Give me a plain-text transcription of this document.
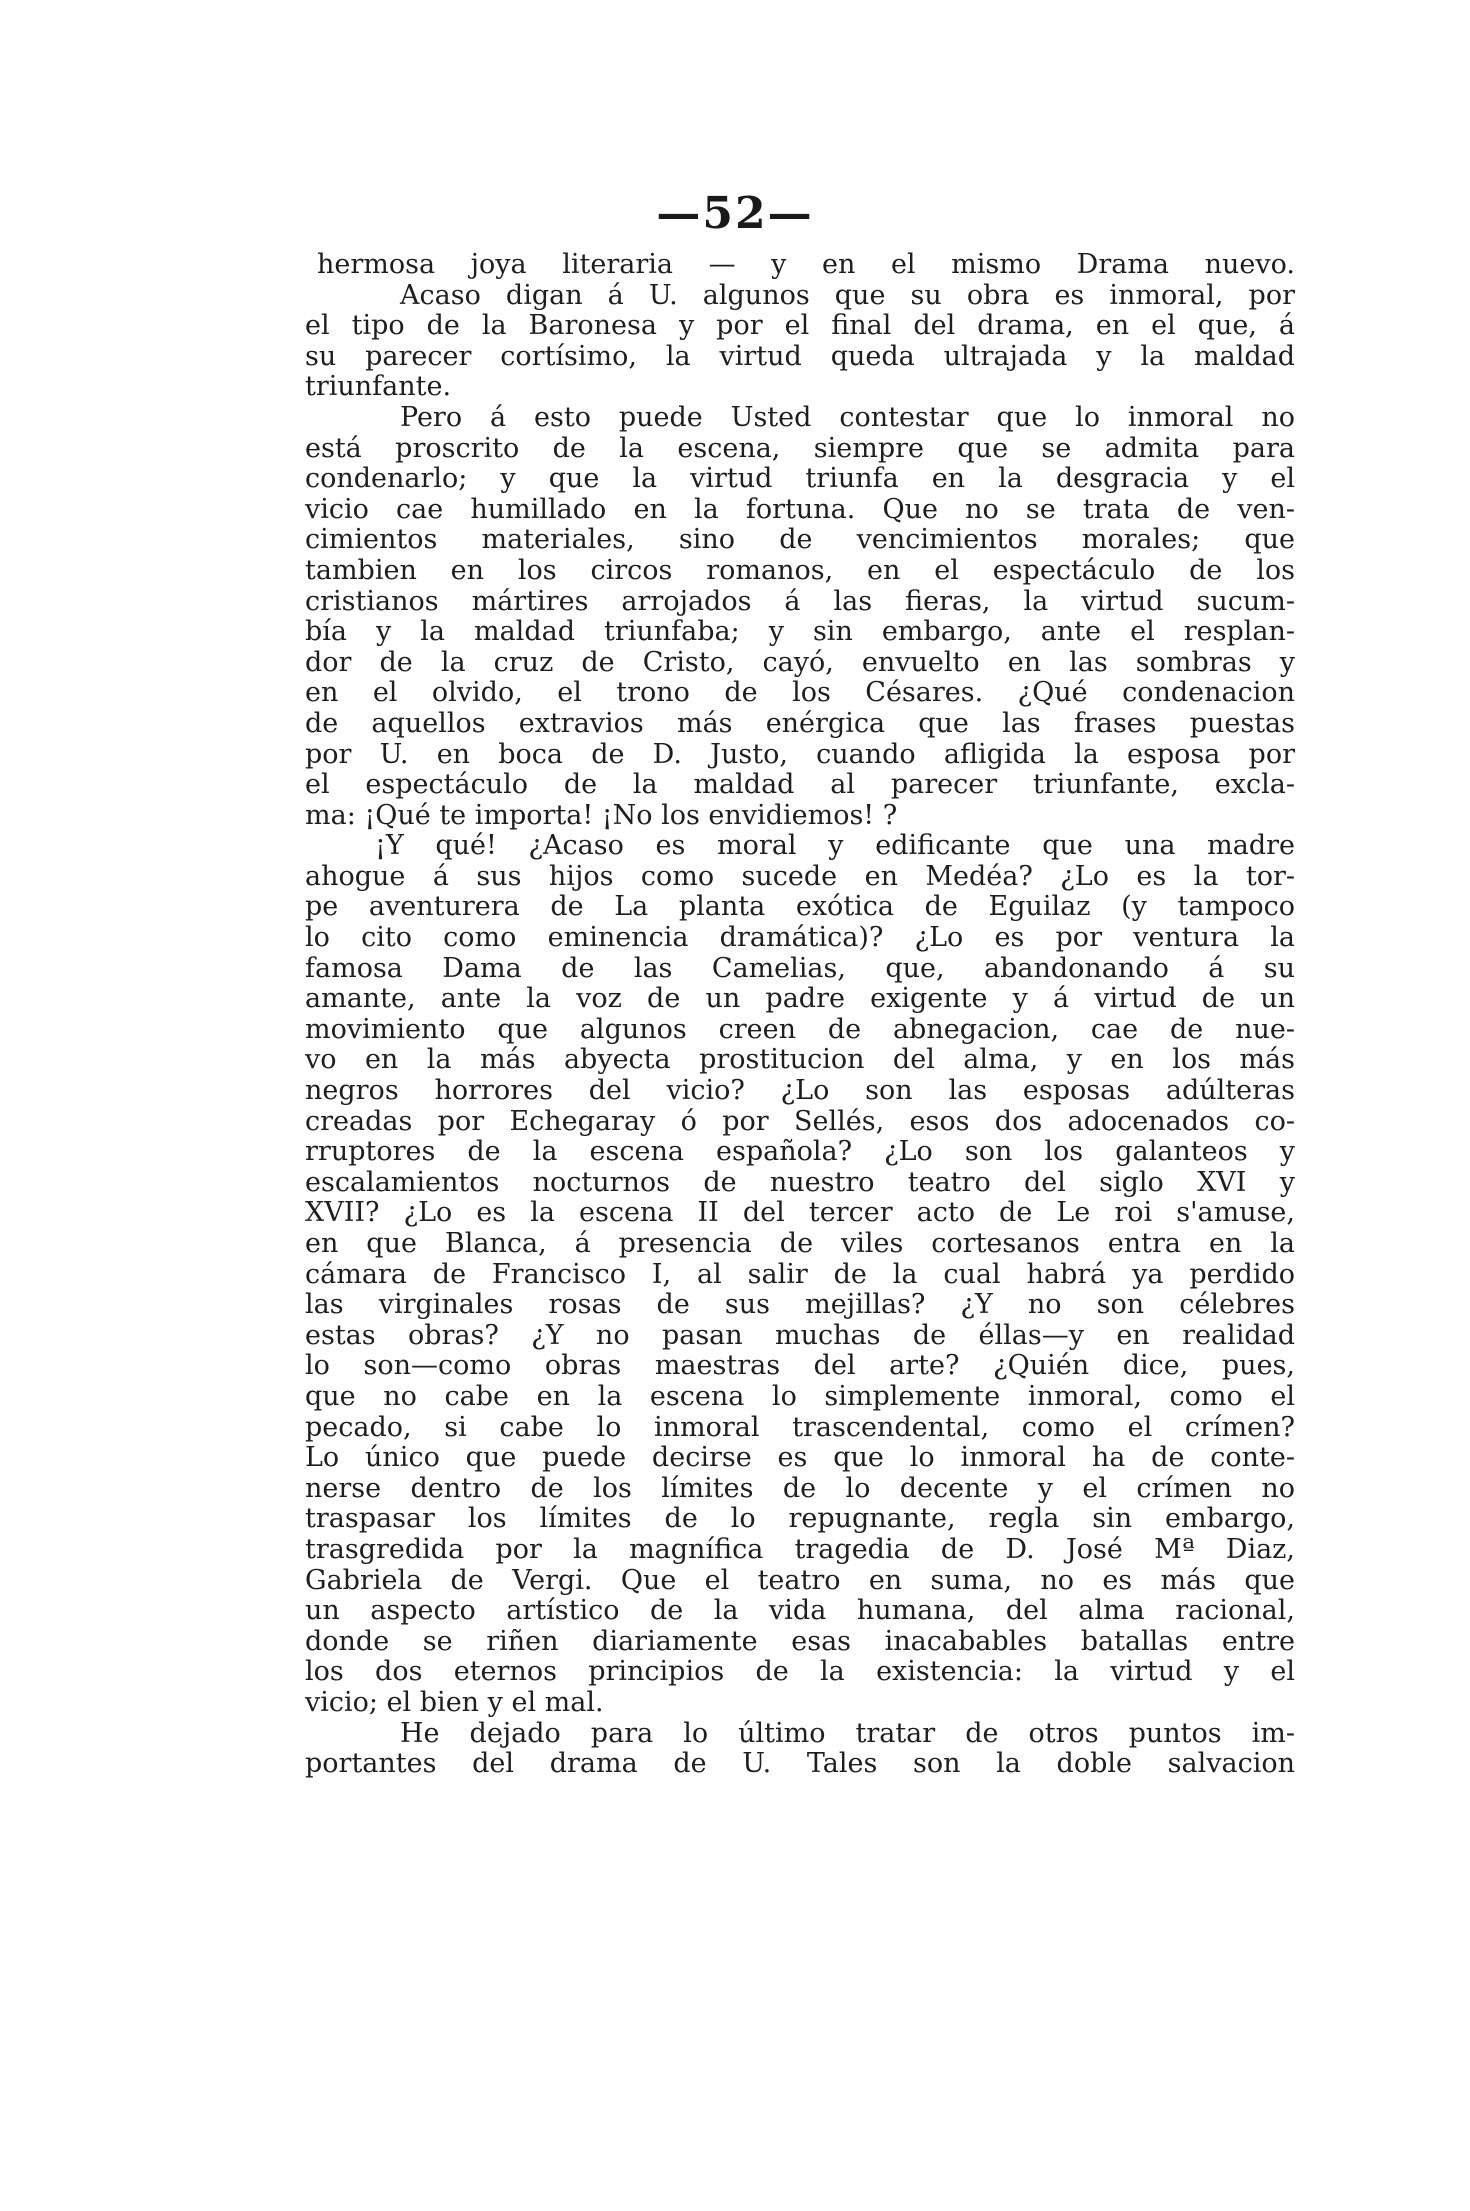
—52—
hermosa joya literaria — y en el mismo Drama nuevo.
Acaso digan á U. algunos que su obra es inmoral, por
el tipo de la Baronesa y por el final del drama, en el que, á
su parecer cortísimo, la virtud queda ultrajada y la maldad
triunfante.
Pero á esto puede Usted contestar que lo inmoral no
está proscrito de la escena, siempre que se admita para
condenarlo; y que la virtud triunfa en la desgracia y el
vicio cae humillado en la fortuna. Que no se trata de ven-
cimientos materiales, sino de vencimientos morales; que
tambien en los circos romanos, en el espectáculo de los
cristianos mártires arrojados á las fieras, la virtud sucum-
bía y la maldad triunfaba; y sin embargo, ante el resplan-
dor de la cruz de Cristo, cayó, envuelto en las sombras y
en el olvido, el trono de los Césares. ¿Qué condenacion
de aquellos extravios más enérgica que las frases puestas
por U. en boca de D. Justo, cuando afligida la esposa por
el espectáculo de la maldad al parecer triunfante, excla-
ma: ¡Qué te importa! ¡No los envidiemos! ?
¡Y qué! ¿Acaso es moral y edificante que una madre
ahogue á sus hijos como sucede en Medéa? ¿Lo es la tor-
pe aventurera de La planta exótica de Eguilaz (y tampoco
lo cito como eminencia dramática)? ¿Lo es por ventura la
famosa Dama de las Camelias, que, abandonando á su
amante, ante la voz de un padre exigente y á virtud de un
movimiento que algunos creen de abnegacion, cae de nue-
vo en la más abyecta prostitucion del alma, y en los más
negros horrores del vicio? ¿Lo son las esposas adúlteras
creadas por Echegaray ó por Sellés, esos dos adocenados co-
rruptores de la escena española? ¿Lo son los galanteos y
escalamientos nocturnos de nuestro teatro del siglo XVI y
XVII? ¿Lo es la escena II del tercer acto de Le roi s'amuse,
en que Blanca, á presencia de viles cortesanos entra en la
cámara de Francisco I, al salir de la cual habrá ya perdido
las virginales rosas de sus mejillas? ¿Y no son célebres
estas obras? ¿Y no pasan muchas de éllas—y en realidad
lo son—como obras maestras del arte? ¿Quién dice, pues,
que no cabe en la escena lo simplemente inmoral, como el
pecado, si cabe lo inmoral trascendental, como el crímen?
Lo único que puede decirse es que lo inmoral ha de conte-
nerse dentro de los límites de lo decente y el crímen no
traspasar los límites de lo repugnante, regla sin embargo,
trasgredida por la magnífica tragedia de D. José Mª Diaz,
Gabriela de Vergi. Que el teatro en suma, no es más que
un aspecto artístico de la vida humana, del alma racional,
donde se riñen diariamente esas inacabables batallas entre
los dos eternos principios de la existencia: la virtud y el
vicio; el bien y el mal.
He dejado para lo último tratar de otros puntos im-
portantes del drama de U. Tales son la doble salvacion
